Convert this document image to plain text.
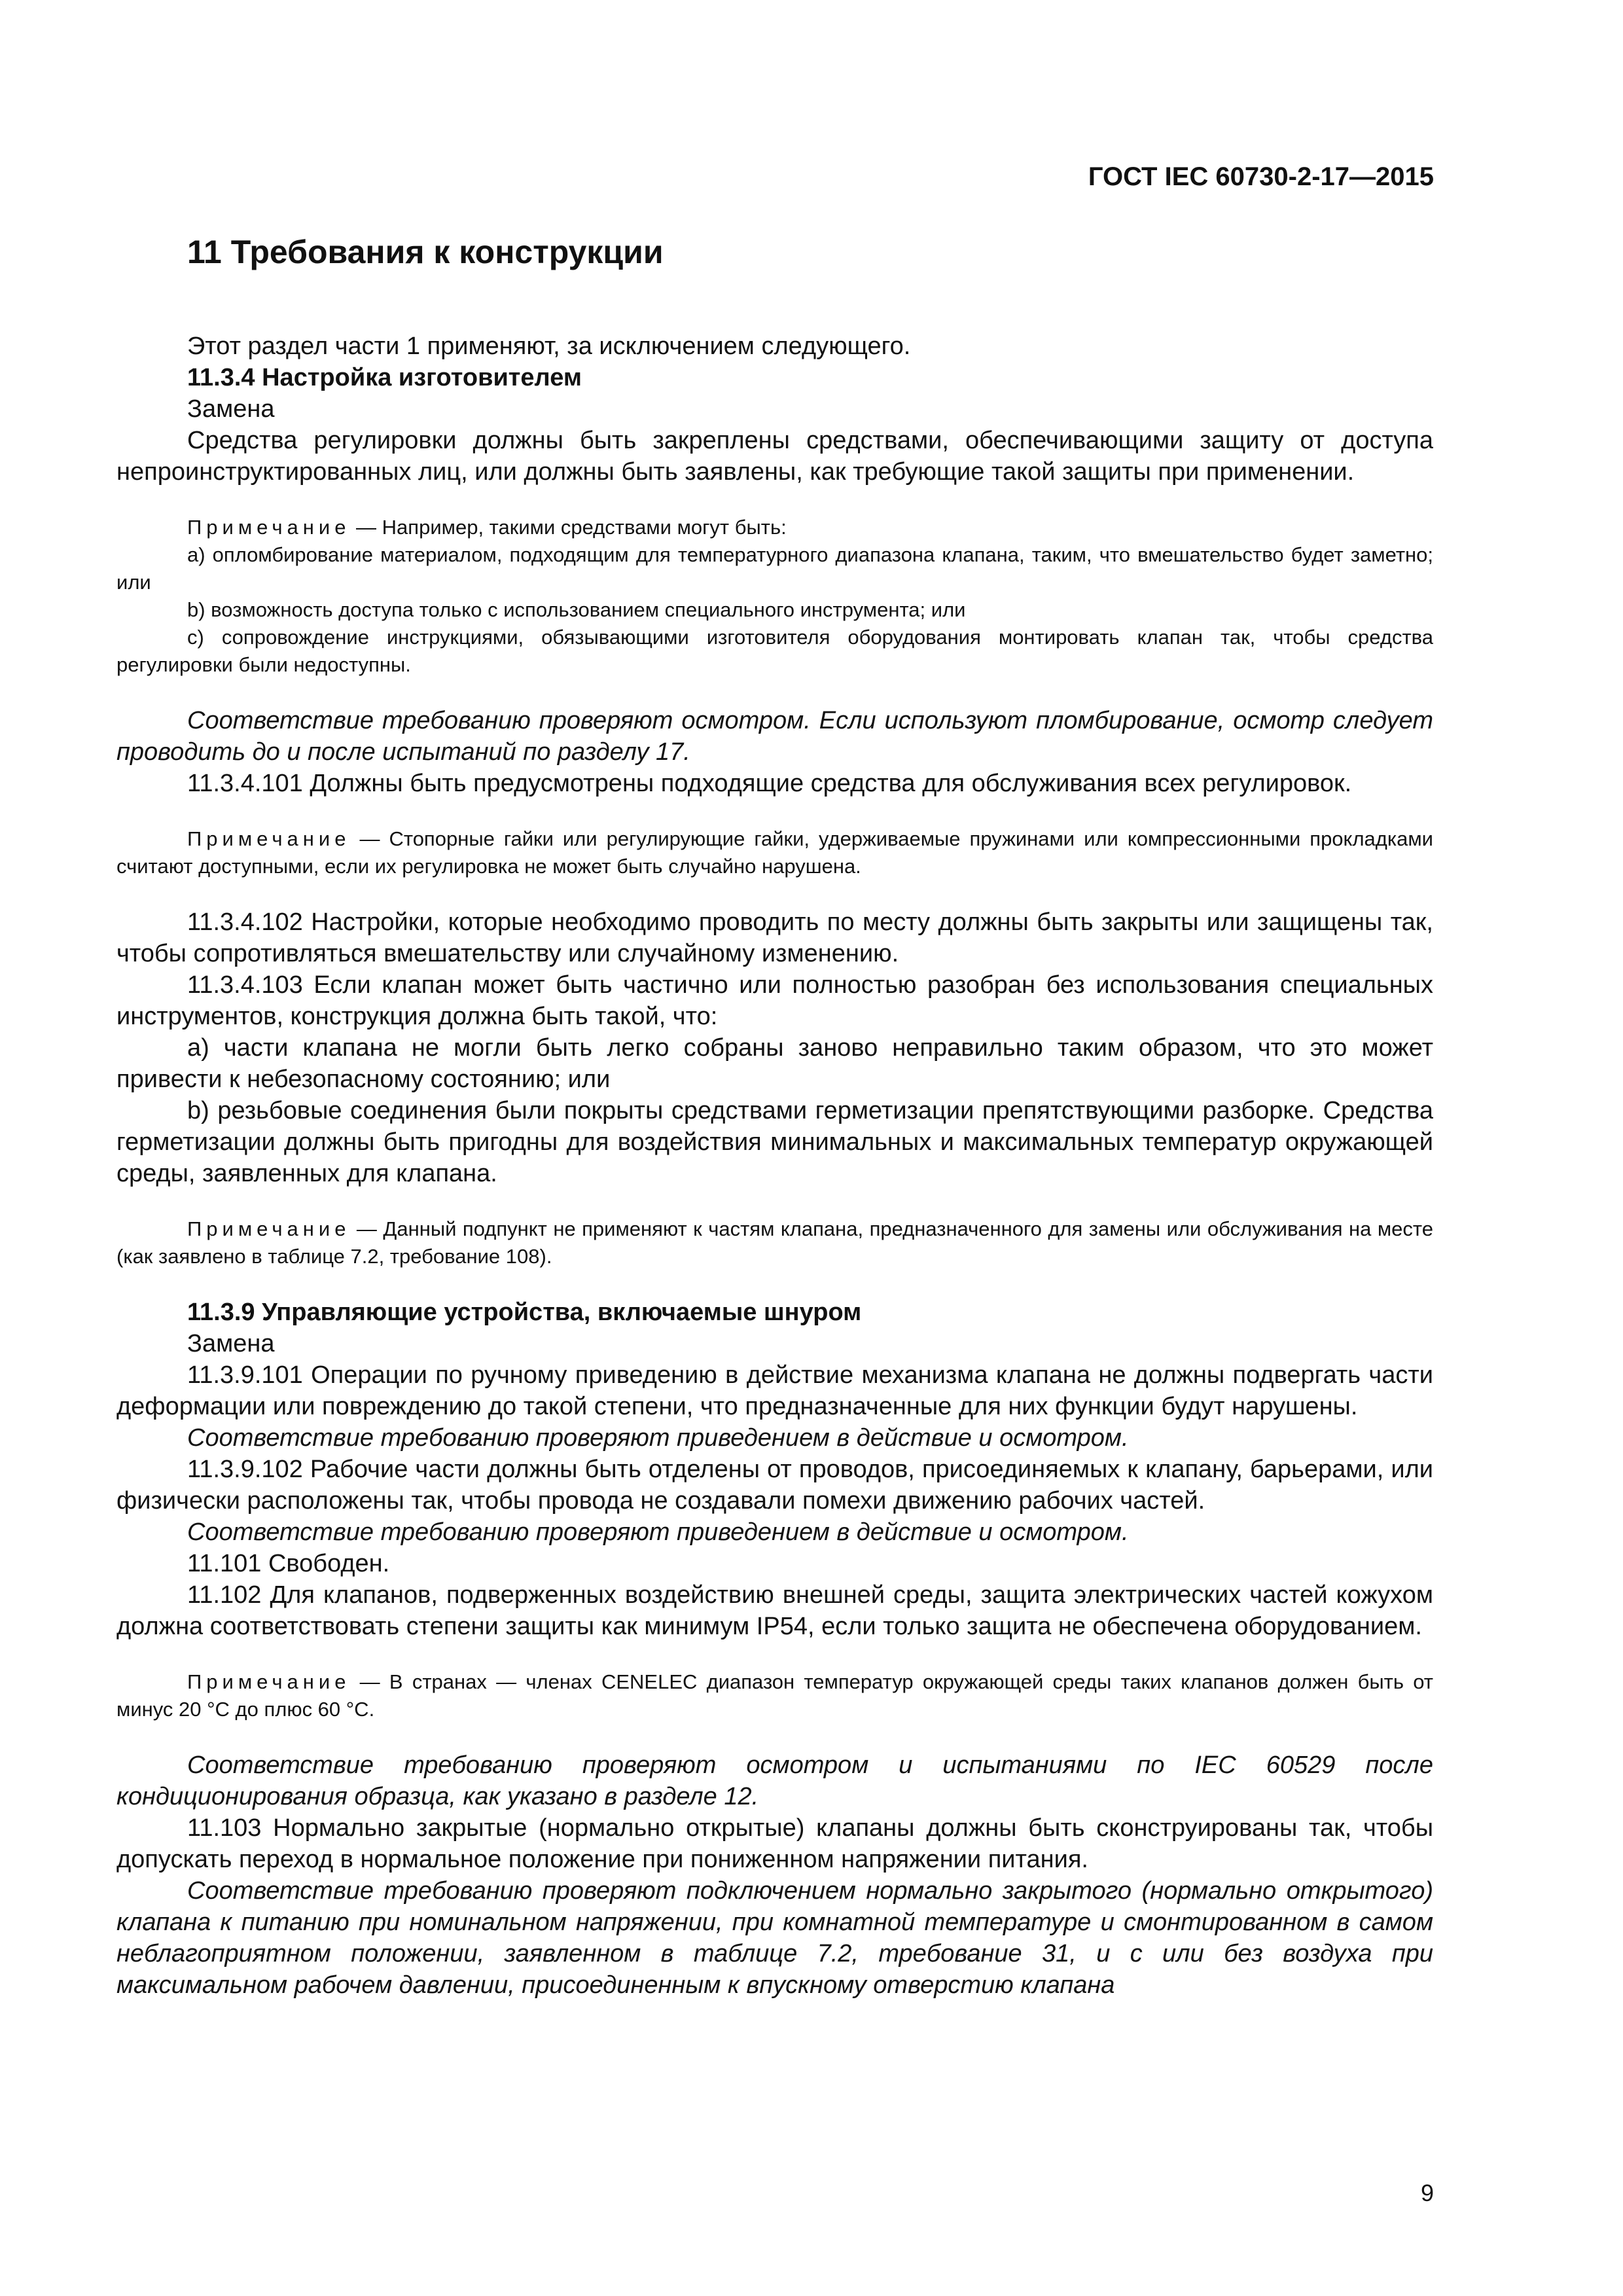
ГОСТ IEC 60730-2-17—2015
11 Требования к конструкции

Этот раздел части 1 применяют, за исключением следующего.

11.3.4 Настройка изготовителем

Замена

Средства регулировки должны быть закреплены средствами, обеспечивающими защиту от доступа непроинструктированных лиц, или должны быть заявлены, как требующие такой защиты при применении.

Примечание — Например, такими средствами могут быть:

а) опломбирование материалом, подходящим для температурного диапазона клапана, таким, что вмешательство будет заметно; или

b) возможность доступа только с использованием специального инструмента; или

c) сопровождение инструкциями, обязывающими изготовителя оборудования монтировать клапан так, чтобы средства регулировки были недоступны.

Соответствие требованию проверяют осмотром. Если используют пломбирование, осмотр следует проводить до и после испытаний по разделу 17.

11.3.4.101 Должны быть предусмотрены подходящие средства для обслуживания всех регулировок.

Примечание — Стопорные гайки или регулирующие гайки, удерживаемые пружинами или компрессионными прокладками считают доступными, если их регулировка не может быть случайно нарушена.

11.3.4.102 Настройки, которые необходимо проводить по месту должны быть закрыты или защищены так, чтобы сопротивляться вмешательству или случайному изменению.

11.3.4.103 Если клапан может быть частично или полностью разобран без использования специальных инструментов, конструкция должна быть такой, что:

а) части клапана не могли быть легко собраны заново неправильно таким образом, что это может привести к небезопасному состоянию; или

b) резьбовые соединения были покрыты средствами герметизации препятствующими разборке. Средства герметизации должны быть пригодны для воздействия минимальных и максимальных температур окружающей среды, заявленных для клапана.

Примечание — Данный подпункт не применяют к частям клапана, предназначенного для замены или обслуживания на месте (как заявлено в таблице 7.2, требование 108).

11.3.9 Управляющие устройства, включаемые шнуром

Замена

11.3.9.101 Операции по ручному приведению в действие механизма клапана не должны подвергать части деформации или повреждению до такой степени, что предназначенные для них функции будут нарушены.

Соответствие требованию проверяют приведением в действие и осмотром.

11.3.9.102 Рабочие части должны быть отделены от проводов, присоединяемых к клапану, барьерами, или физически расположены так, чтобы провода не создавали помехи движению рабочих частей.

Соответствие требованию проверяют приведением в действие и осмотром.

11.101 Свободен.

11.102 Для клапанов, подверженных воздействию внешней среды, защита электрических частей кожухом должна соответствовать степени защиты как минимум IP54, если только защита не обеспечена оборудованием.

Примечание — В странах — членах CENELEC диапазон температур окружающей среды таких клапанов должен быть от минус 20 °C до плюс 60 °C.

Соответствие требованию проверяют осмотром и испытаниями по IEC 60529 после кондиционирования образца, как указано в разделе 12.

11.103 Нормально закрытые (нормально открытые) клапаны должны быть сконструированы так, чтобы допускать переход в нормальное положение при пониженном напряжении питания.

Соответствие требованию проверяют подключением нормально закрытого (нормально открытого) клапана к питанию при номинальном напряжении, при комнатной температуре и смонтированном в самом неблагоприятном положении, заявленном в таблице 7.2, требование 31, и с или без воздуха при максимальном рабочем давлении, присоединенным к впускному отверстию клапана

9
